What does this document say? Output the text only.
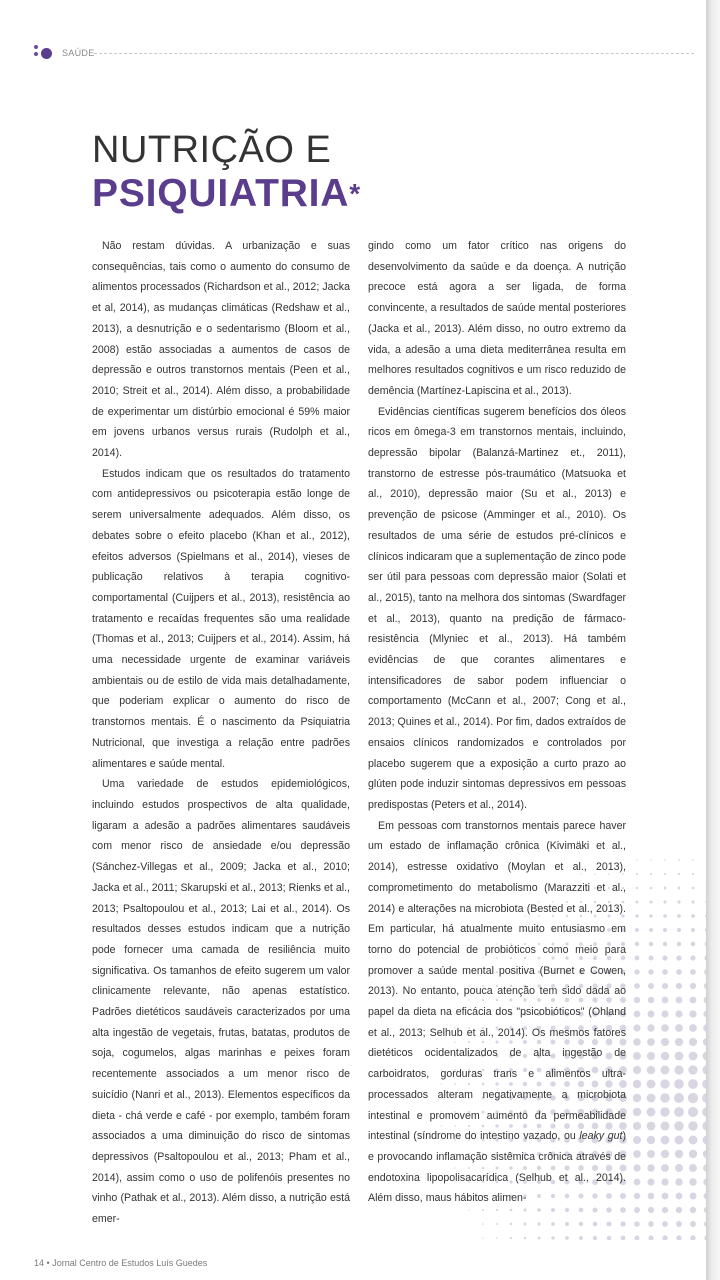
SAÚDE
NUTRIÇÃO E
PSIQUIATRIA*

Não restam dúvidas. A urbanização e suas consequências, tais como o aumento do consumo de alimentos processados (Richardson et al., 2012; Jacka et al, 2014), as mudanças climáticas (Redshaw et al., 2013), a desnutrição e o sedentarismo (Bloom et al., 2008) estão associadas a aumentos de casos de depressão e outros transtornos mentais (Peen et al., 2010; Streit et al., 2014). Além disso, a probabilidade de experimentar um distúrbio emocional é 59% maior em jovens urbanos versus rurais (Rudolph et al., 2014).

Estudos indicam que os resultados do tratamento com antidepressivos ou psicoterapia estão longe de serem universalmente adequados. Além disso, os debates sobre o efeito placebo (Khan et al., 2012), efeitos adversos (Spielmans et al., 2014), vieses de publicação relativos à terapia cognitivo-comportamental (Cuijpers et al., 2013), resistência ao tratamento e recaídas frequentes são uma realidade (Thomas et al., 2013; Cuijpers et al., 2014). Assim, há uma necessidade urgente de examinar variáveis ambientais ou de estilo de vida mais detalhadamente, que poderiam explicar o aumento do risco de transtornos mentais. É o nascimento da Psiquiatria Nutricional, que investiga a relação entre padrões alimentares e saúde mental.

Uma variedade de estudos epidemiológicos, incluindo estudos prospectivos de alta qualidade, ligaram a adesão a padrões alimentares saudáveis com menor risco de ansiedade e/ou depressão (Sánchez-Villegas et al., 2009; Jacka et al., 2010; Jacka et al., 2011; Skarupski et al., 2013; Rienks et al., 2013; Psaltopoulou et al., 2013; Lai et al., 2014). Os resultados desses estudos indicam que a nutrição pode fornecer uma camada de resiliência muito significativa. Os tamanhos de efeito sugerem um valor clinicamente relevante, não apenas estatístico. Padrões dietéticos saudáveis caracterizados por uma alta ingestão de vegetais, frutas, batatas, produtos de soja, cogumelos, algas marinhas e peixes foram recentemente associados a um menor risco de suicídio (Nanri et al., 2013). Elementos específicos da dieta - chá verde e café - por exemplo, também foram associados a uma diminuição do risco de sintomas depressivos (Psaltopoulou et al., 2013; Pham et al., 2014), assim como o uso de polifenóis presentes no vinho (Pathak et al., 2013). Além disso, a nutrição está emer-

gindo como um fator crítico nas origens do desenvolvimento da saúde e da doença. A nutrição precoce está agora a ser ligada, de forma convincente, a resultados de saúde mental posteriores (Jacka et al., 2013). Além disso, no outro extremo da vida, a adesão a uma dieta mediterrânea resulta em melhores resultados cognitivos e um risco reduzido de demência (Martínez-Lapiscina et al., 2013).

Evidências científicas sugerem benefícios dos óleos ricos em ômega-3 em transtornos mentais, incluindo, depressão bipolar (Balanzá-Martinez et., 2011), transtorno de estresse pós-traumático (Matsuoka et al., 2010), depressão maior (Su et al., 2013) e prevenção de psicose (Amminger et al., 2010). Os resultados de uma série de estudos pré-clínicos e clínicos indicaram que a suplementação de zinco pode ser útil para pessoas com depressão maior (Solati et al., 2015), tanto na melhora dos sintomas (Swardfager et al., 2013), quanto na predição de fármaco-resistência (Mlyniec et al., 2013). Há também evidências de que corantes alimentares e intensificadores de sabor podem influenciar o comportamento (McCann et al., 2007; Cong et al., 2013; Quines et al., 2014). Por fim, dados extraídos de ensaios clínicos randomizados e controlados por placebo sugerem que a exposição a curto prazo ao glúten pode induzir sintomas depressivos em pessoas predispostas (Peters et al., 2014).

Em pessoas com transtornos mentais parece haver um estado de inflamação crônica (Kivimäki et al., 2014), estresse oxidativo (Moylan et al., 2013), comprometimento do metabolismo (Marazziti et al., 2014) e alterações na microbiota (Bested et al., 2013). Em particular, há atualmente muito entusiasmo em torno do potencial de probióticos como meio para promover a saúde mental positiva (Burnet e Cowen, 2013). No entanto, pouca atenção tem sido dada ao papel da dieta na eficácia dos "psicobióticos" (Ohland et al., 2013; Selhub et al., 2014). Os mesmos fatores dietéticos ocidentalizados de alta ingestão de carboidratos, gorduras trans e alimentos ultra-processados alteram negativamente a microbiota intestinal e promovem aumento da permeabilidade intestinal (síndrome do intestino vazado, ou leaky gut) e provocando inflamação sistêmica crônica através de endotoxina lipopolisacarídica (Selhub et al., 2014). Além disso, maus hábitos alimen-

14 • Jornal Centro de Estudos Luís Guedes
